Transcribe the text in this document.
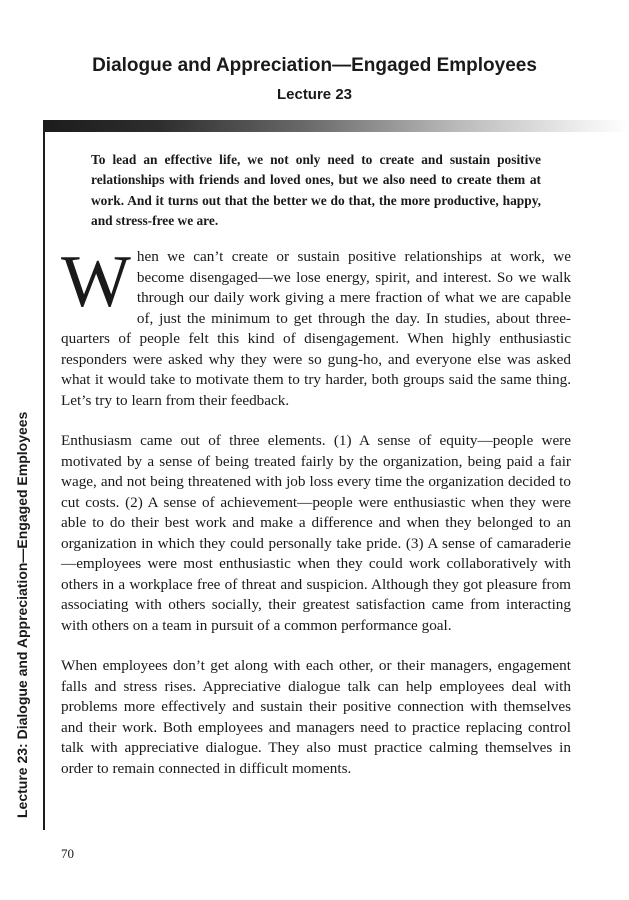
Dialogue and Appreciation—Engaged Employees
Lecture 23
Lecture 23: Dialogue and Appreciation—Engaged Employees
To lead an effective life, we not only need to create and sustain positive relationships with friends and loved ones, but we also need to create them at work. And it turns out that the better we do that, the more productive, happy, and stress-free we are.

When we can’t create or sustain positive relationships at work, we become disengaged—we lose energy, spirit, and interest. So we walk through our daily work giving a mere fraction of what we are capable of, just the minimum to get through the day. In studies, about three-quarters of people felt this kind of disengagement. When highly enthusiastic responders were asked why they were so gung-ho, and everyone else was asked what it would take to motivate them to try harder, both groups said the same thing. Let’s try to learn from their feedback.

Enthusiasm came out of three elements. (1) A sense of equity—people were motivated by a sense of being treated fairly by the organization, being paid a fair wage, and not being threatened with job loss every time the organization decided to cut costs. (2) A sense of achievement—people were enthusiastic when they were able to do their best work and make a difference and when they belonged to an organization in which they could personally take pride. (3) A sense of camaraderie—employees were most enthusiastic when they could work collaboratively with others in a workplace free of threat and suspicion. Although they got pleasure from associating with others socially, their greatest satisfaction came from interacting with others on a team in pursuit of a common performance goal.

When employees don’t get along with each other, or their managers, engagement falls and stress rises. Appreciative dialogue talk can help employees deal with problems more effectively and sustain their positive connection with themselves and their work. Both employees and managers need to practice replacing control talk with appreciative dialogue. They also must practice calming themselves in order to remain connected in difficult moments.

70
